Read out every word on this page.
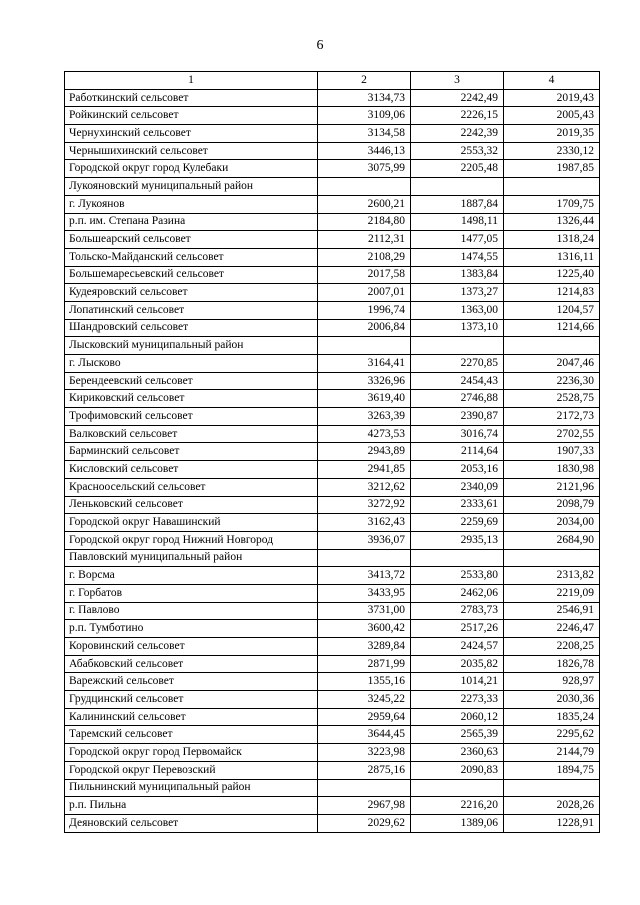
6
1	2	3	4
Работкинский сельсовет	3134,73	2242,49	2019,43
Ройкинский сельсовет	3109,06	2226,15	2005,43
Чернухинский сельсовет	3134,58	2242,39	2019,35
Чернышихинский сельсовет	3446,13	2553,32	2330,12
Городской округ город Кулебаки	3075,99	2205,48	1987,85
Лукояновский муниципальный район			
г. Лукоянов	2600,21	1887,84	1709,75
р.п. им. Степана Разина	2184,80	1498,11	1326,44
Большеарский сельсовет	2112,31	1477,05	1318,24
Тольско-Майданский сельсовет	2108,29	1474,55	1316,11
Большемаресьевский сельсовет	2017,58	1383,84	1225,40
Кудеяровский сельсовет	2007,01	1373,27	1214,83
Лопатинский сельсовет	1996,74	1363,00	1204,57
Шандровский сельсовет	2006,84	1373,10	1214,66
Лысковский муниципальный район			
г. Лысково	3164,41	2270,85	2047,46
Берендеевский сельсовет	3326,96	2454,43	2236,30
Кириковский сельсовет	3619,40	2746,88	2528,75
Трофимовский сельсовет	3263,39	2390,87	2172,73
Валковский сельсовет	4273,53	3016,74	2702,55
Барминский сельсовет	2943,89	2114,64	1907,33
Кисловский сельсовет	2941,85	2053,16	1830,98
Красноосельский сельсовет	3212,62	2340,09	2121,96
Леньковский сельсовет	3272,92	2333,61	2098,79
Городской округ Навашинский	3162,43	2259,69	2034,00
Городской округ город Нижний Новгород	3936,07	2935,13	2684,90
Павловский муниципальный район			
г. Ворсма	3413,72	2533,80	2313,82
г. Горбатов	3433,95	2462,06	2219,09
г. Павлово	3731,00	2783,73	2546,91
р.п. Тумботино	3600,42	2517,26	2246,47
Коровинский сельсовет	3289,84	2424,57	2208,25
Абабковский сельсовет	2871,99	2035,82	1826,78
Варежский сельсовет	1355,16	1014,21	928,97
Грудцинский сельсовет	3245,22	2273,33	2030,36
Калининский сельсовет	2959,64	2060,12	1835,24
Таремский сельсовет	3644,45	2565,39	2295,62
Городской округ город Первомайск	3223,98	2360,63	2144,79
Городской округ Перевозский	2875,16	2090,83	1894,75
Пильнинский муниципальный район			
р.п. Пильна	2967,98	2216,20	2028,26
Деяновский сельсовет	2029,62	1389,06	1228,91
